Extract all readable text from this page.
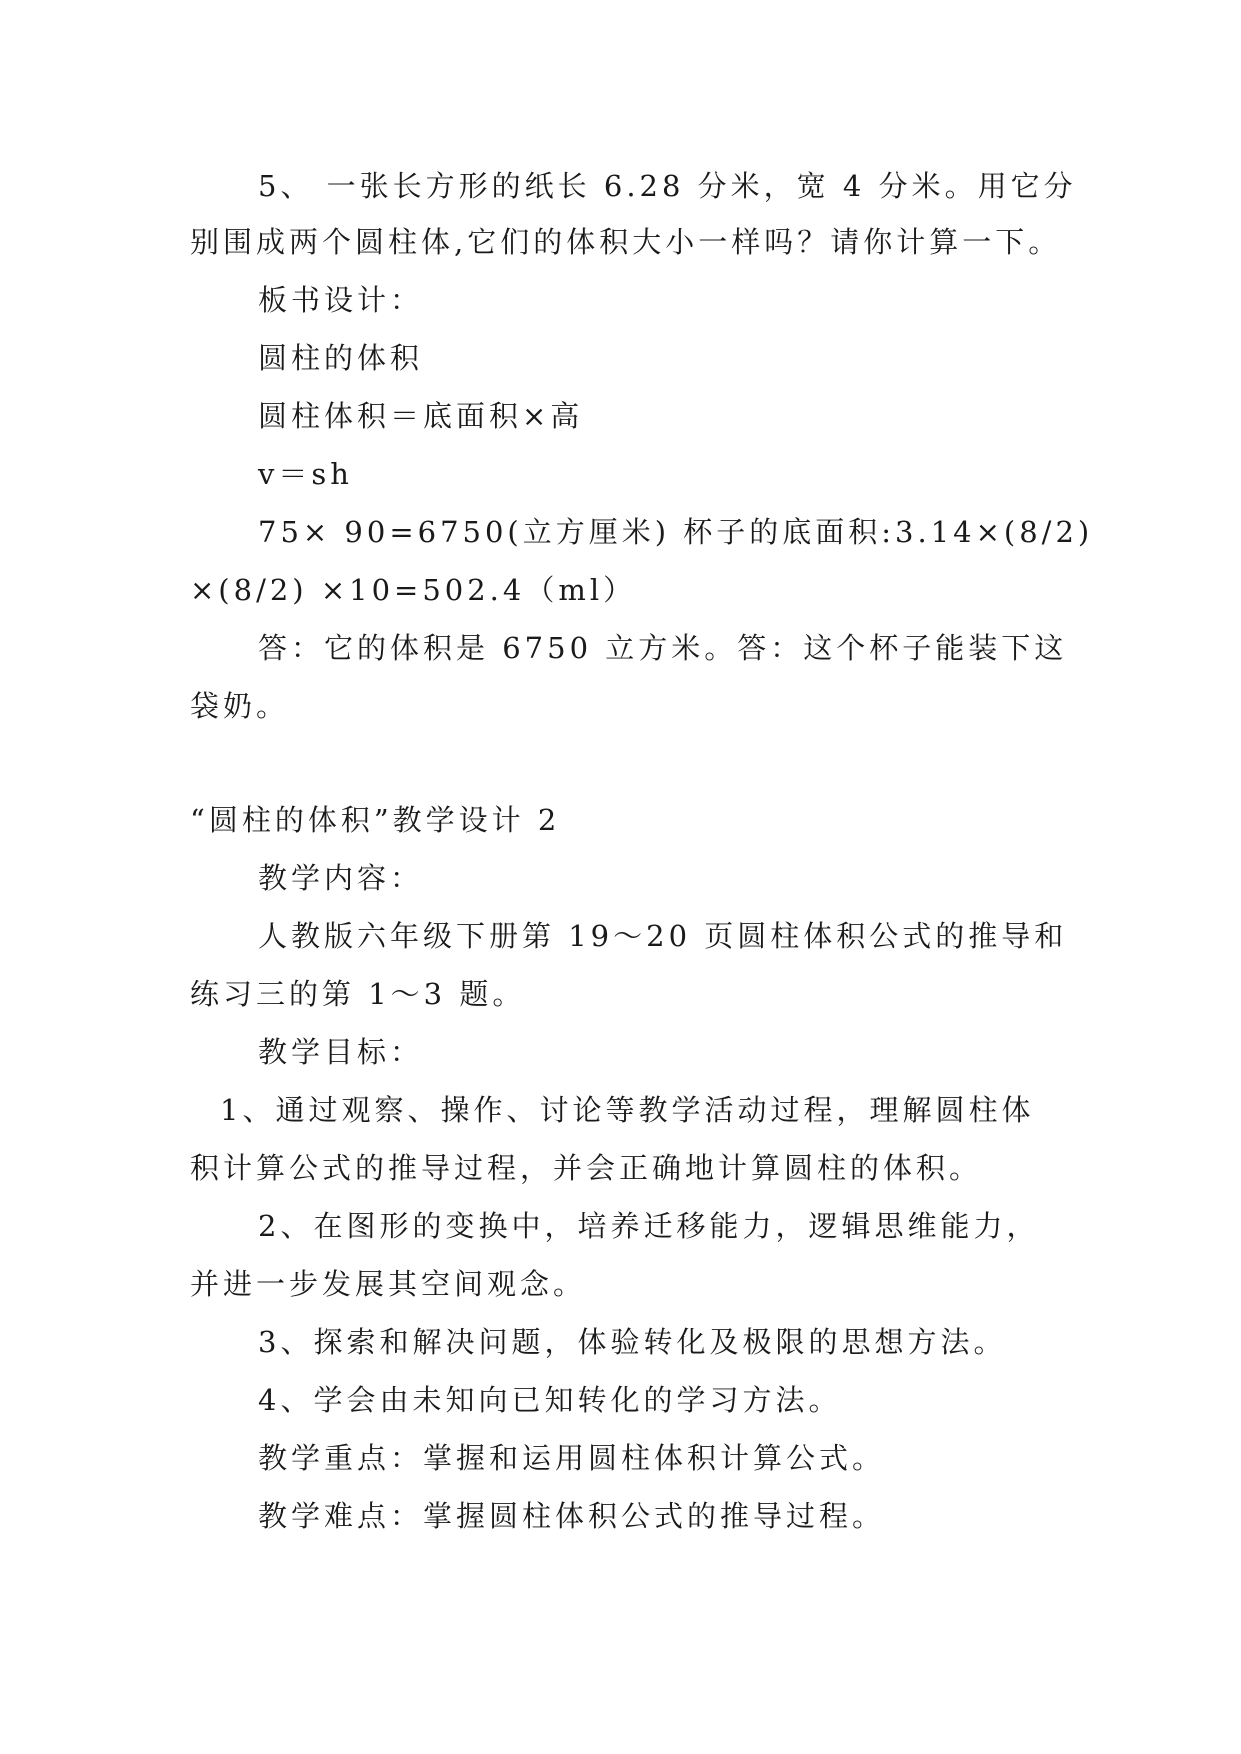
5、 一张长方形的纸长 6.28 分米，宽 4 分米。用它分

别围成两个圆柱体,它们的体积大小一样吗？请你计算一下。

板书设计：

圆柱的体积

圆柱体积＝底面积×高

v＝sh

75× 90=6750(立方厘米) 杯子的底面积:3.14×(8/2)

×(8/2) ×10=502.4（ml）

答：它的体积是 6750 立方米。答：这个杯子能装下这

袋奶。

“圆柱的体积”教学设计 2

教学内容：

人教版六年级下册第 19～20 页圆柱体积公式的推导和

练习三的第 1～3 题。

教学目标：

1、通过观察、操作、讨论等教学活动过程，理解圆柱体

积计算公式的推导过程，并会正确地计算圆柱的体积。

2、在图形的变换中，培养迁移能力，逻辑思维能力，

并进一步发展其空间观念。

3、探索和解决问题，体验转化及极限的思想方法。

4、学会由未知向已知转化的学习方法。

教学重点：掌握和运用圆柱体积计算公式。

教学难点：掌握圆柱体积公式的推导过程。
